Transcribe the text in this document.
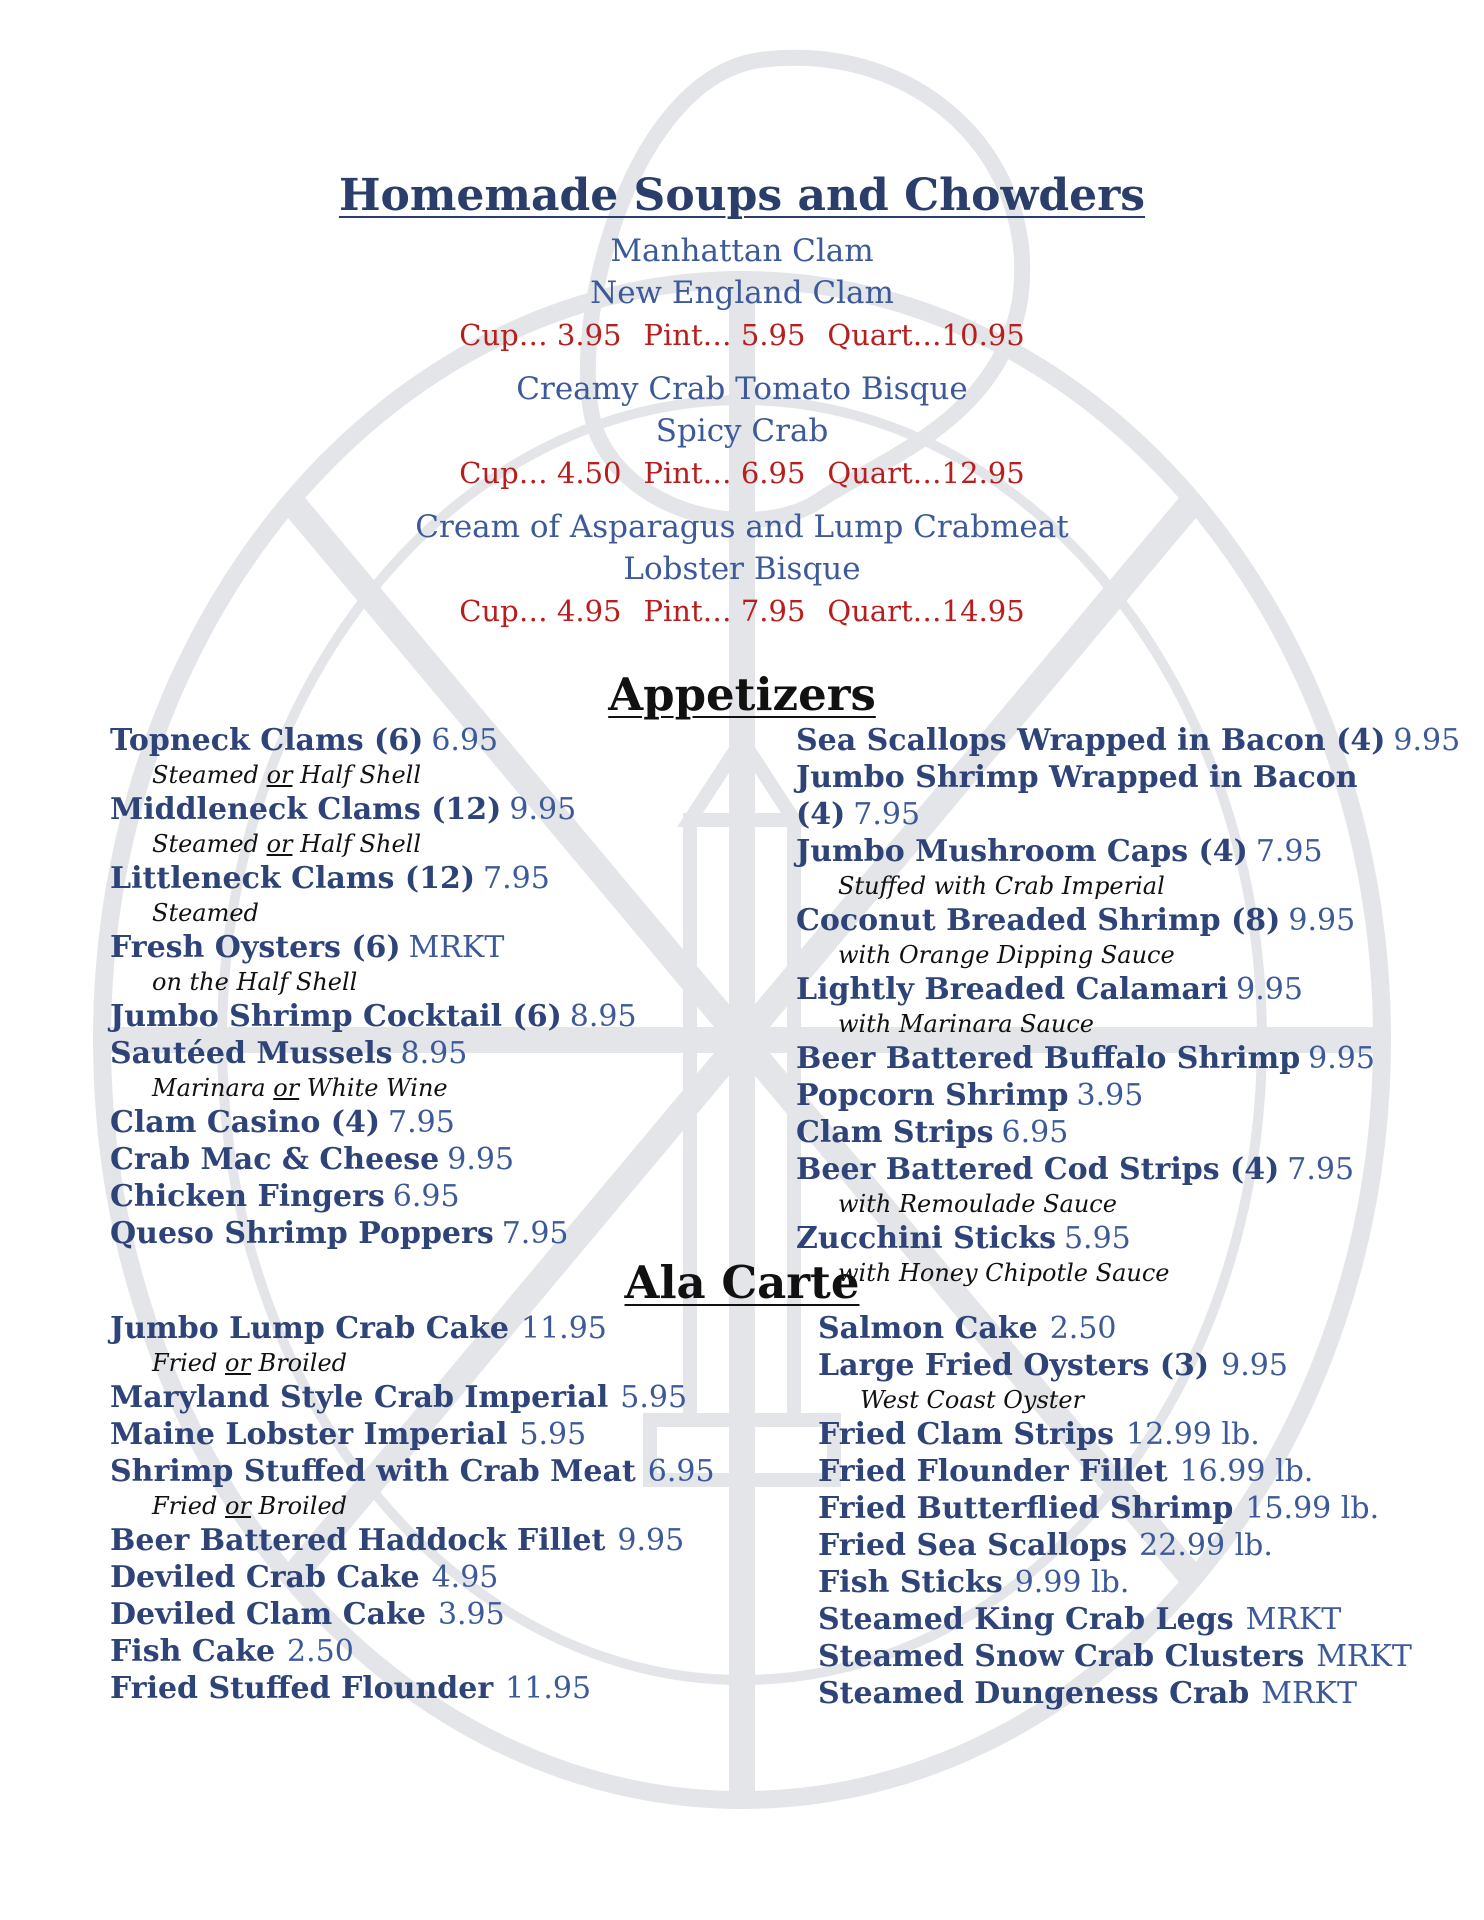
Homemade Soups and Chowders
Manhattan Clam
New England Clam
Cup… 3.95 Pint… 5.95 Quart…10.95
Creamy Crab Tomato Bisque
Spicy Crab
Cup… 4.50 Pint… 6.95 Quart…12.95
Cream of Asparagus and Lump Crabmeat
Lobster Bisque
Cup… 4.95 Pint… 7.95 Quart…14.95
Appetizers
Topneck Clams (6) 6.95
Steamed or Half Shell
Middleneck Clams (12) 9.95
Steamed or Half Shell
Littleneck Clams (12) 7.95
Steamed
Fresh Oysters (6) MRKT
on the Half Shell
Jumbo Shrimp Cocktail (6) 8.95
Sautéed Mussels 8.95
Marinara or White Wine
Clam Casino (4) 7.95
Crab Mac & Cheese 9.95
Chicken Fingers 6.95
Queso Shrimp Poppers 7.95
Sea Scallops Wrapped in Bacon (4) 9.95
Jumbo Shrimp Wrapped in Bacon (4) 7.95
Jumbo Mushroom Caps (4) 7.95
Stuffed with Crab Imperial
Coconut Breaded Shrimp (8) 9.95
with Orange Dipping Sauce
Lightly Breaded Calamari 9.95
with Marinara Sauce
Beer Battered Buffalo Shrimp 9.95
Popcorn Shrimp 3.95
Clam Strips 6.95
Beer Battered Cod Strips (4) 7.95
with Remoulade Sauce
Zucchini Sticks 5.95
with Honey Chipotle Sauce
Ala Carte
Jumbo Lump Crab Cake 11.95
Fried or Broiled
Maryland Style Crab Imperial 5.95
Maine Lobster Imperial 5.95
Shrimp Stuffed with Crab Meat 6.95
Fried or Broiled
Beer Battered Haddock Fillet 9.95
Deviled Crab Cake 4.95
Deviled Clam Cake 3.95
Fish Cake 2.50
Fried Stuffed Flounder 11.95
Salmon Cake 2.50
Large Fried Oysters (3) 9.95
West Coast Oyster
Fried Clam Strips 12.99 lb.
Fried Flounder Fillet 16.99 lb.
Fried Butterflied Shrimp 15.99 lb.
Fried Sea Scallops 22.99 lb.
Fish Sticks 9.99 lb.
Steamed King Crab Legs MRKT
Steamed Snow Crab Clusters MRKT
Steamed Dungeness Crab MRKT
